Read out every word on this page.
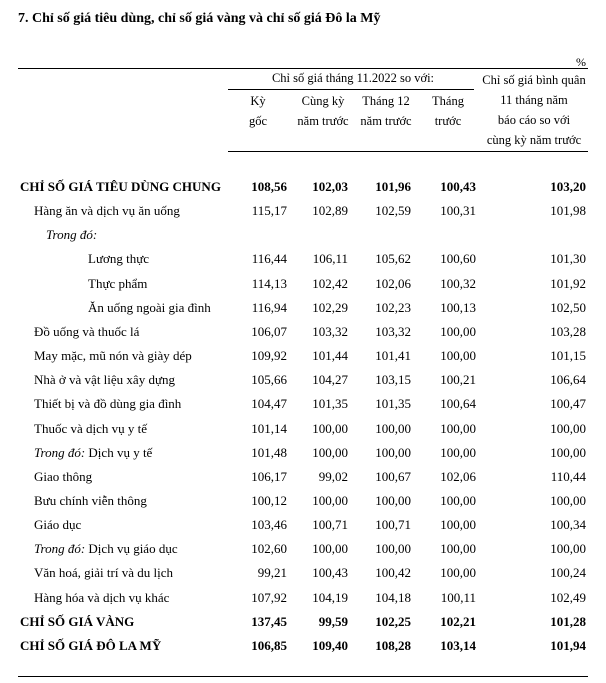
7. Chỉ số giá tiêu dùng, chỉ số giá vàng và chỉ số giá Đô la Mỹ
%
Chỉ số giá tháng 11.2022 so với:
Kỳ
gốc
Cùng kỳ
năm trước
Tháng 12
năm trước
Tháng
trước
Chỉ số giá bình quân
11 tháng năm
báo cáo so với
cùng kỳ năm trước
CHỈ SỐ GIÁ TIÊU DÙNG CHUNG	108,56	102,03	101,96	100,43	103,20
Hàng ăn và dịch vụ ăn uống	115,17	102,89	102,59	100,31	101,98
Trong đó:
Lương thực	116,44	106,11	105,62	100,60	101,30
Thực phẩm	114,13	102,42	102,06	100,32	101,92
Ăn uống ngoài gia đình	116,94	102,29	102,23	100,13	102,50
Đồ uống và thuốc lá	106,07	103,32	103,32	100,00	103,28
May mặc, mũ nón và giày dép	109,92	101,44	101,41	100,00	101,15
Nhà ở và vật liệu xây dựng	105,66	104,27	103,15	100,21	106,64
Thiết bị và đồ dùng gia đình	104,47	101,35	101,35	100,64	100,47
Thuốc và dịch vụ y tế	101,14	100,00	100,00	100,00	100,00
Trong đó: Dịch vụ y tế	101,48	100,00	100,00	100,00	100,00
Giao thông	106,17	99,02	100,67	102,06	110,44
Bưu chính viễn thông	100,12	100,00	100,00	100,00	100,00
Giáo dục	103,46	100,71	100,71	100,00	100,34
Trong đó: Dịch vụ giáo dục	102,60	100,00	100,00	100,00	100,00
Văn hoá, giải trí và du lịch	99,21	100,43	100,42	100,00	100,24
Hàng hóa và dịch vụ khác	107,92	104,19	104,18	100,11	102,49
CHỈ SỐ GIÁ VÀNG	137,45	99,59	102,25	102,21	101,28
CHỈ SỐ GIÁ ĐÔ LA MỸ	106,85	109,40	108,28	103,14	101,94
